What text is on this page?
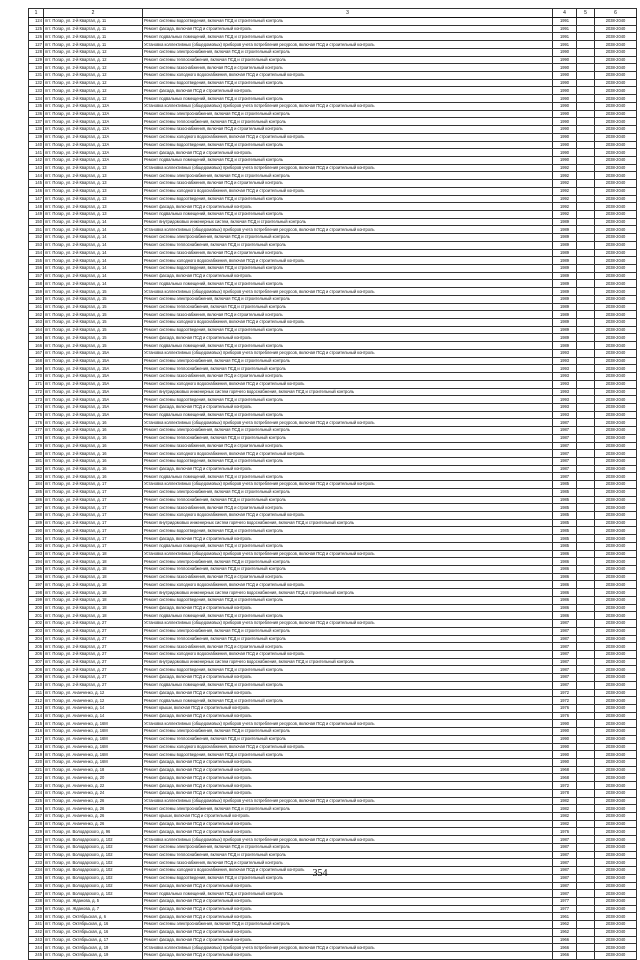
1	2	3	4	5	6
124	пгт. Погар, ул. 2-й Квартал, д. 11	Ремонт системы водоотведения, включая ПСД и строительный контроль	1991		2038-2040
125	пгт. Погар, ул. 2-й Квартал, д. 11	Ремонт фасада, включая ПСД и строительный контроль	1991		2038-2040
126	пгт. Погар, ул. 2-й Квартал, д. 11	Ремонт подвальных помещений, включая ПСД и строительный контроль	1991		2038-2040
127	пгт. Погар, ул. 2-й Квартал, д. 11	Установка коллективных (общедомовых) приборов учета потребления ресурсов, включая ПСД и строительный контроль	1991		2038-2040
128	пгт. Погар, ул. 2-й Квартал, д. 12	Ремонт системы электроснабжения, включая ПСД и строительный контроль	1990		2038-2040
129	пгт. Погар, ул. 2-й Квартал, д. 12	Ремонт системы теплоснабжения, включая ПСД и строительный контроль	1990		2038-2040
130	пгт. Погар, ул. 2-й Квартал, д. 12	Ремонт системы газоснабжения, включая ПСД и строительный контроль	1990		2038-2040
131	пгт. Погар, ул. 2-й Квартал, д. 12	Ремонт системы холодного водоснабжения, включая ПСД и строительный контроль	1990		2038-2040
132	пгт. Погар, ул. 2-й Квартал, д. 12	Ремонт системы водоотведения, включая ПСД и строительный контроль	1990		2038-2040
133	пгт. Погар, ул. 2-й Квартал, д. 12	Ремонт фасада, включая ПСД и строительный контроль	1990		2038-2040
134	пгт. Погар, ул. 2-й Квартал, д. 12	Ремонт подвальных помещений, включая ПСД и строительный контроль	1990		2038-2040
135	пгт. Погар, ул. 2-й Квартал, д. 12А	Установка коллективных (общедомовых) приборов учета потребления ресурсов, включая ПСД и строительный контроль	1990		2038-2040
136	пгт. Погар, ул. 2-й Квартал, д. 12А	Ремонт системы электроснабжения, включая ПСД и строительный контроль	1990		2038-2040
137	пгт. Погар, ул. 2-й Квартал, д. 12А	Ремонт системы теплоснабжения, включая ПСД и строительный контроль	1990		2038-2040
138	пгт. Погар, ул. 2-й Квартал, д. 12А	Ремонт системы газоснабжения, включая ПСД и строительный контроль	1990		2038-2040
139	пгт. Погар, ул. 2-й Квартал, д. 12А	Ремонт системы холодного водоснабжения, включая ПСД и строительный контроль	1990		2038-2040
140	пгт. Погар, ул. 2-й Квартал, д. 12А	Ремонт системы водоотведения, включая ПСД и строительный контроль	1990		2038-2040
141	пгт. Погар, ул. 2-й Квартал, д. 12А	Ремонт фасада, включая ПСД и строительный контроль	1990		2038-2040
142	пгт. Погар, ул. 2-й Квартал, д. 12А	Ремонт подвальных помещений, включая ПСД и строительный контроль	1990		2038-2040
143	пгт. Погар, ул. 2-й Квартал, д. 13	Установка коллективных (общедомовых) приборов учета потребления ресурсов, включая ПСД и строительный контроль	1992		2038-2040
144	пгт. Погар, ул. 2-й Квартал, д. 13	Ремонт системы электроснабжения, включая ПСД и строительный контроль	1992		2038-2040
145	пгт. Погар, ул. 2-й Квартал, д. 13	Ремонт системы газоснабжения, включая ПСД и строительный контроль	1992		2038-2040
146	пгт. Погар, ул. 2-й Квартал, д. 13	Ремонт системы холодного водоснабжения, включая ПСД и строительный контроль	1992		2038-2040
147	пгт. Погар, ул. 2-й Квартал, д. 13	Ремонт системы водоотведения, включая ПСД и строительный контроль	1992		2038-2040
148	пгт. Погар, ул. 2-й Квартал, д. 13	Ремонт фасада, включая ПСД и строительный контроль	1992		2038-2040
149	пгт. Погар, ул. 2-й Квартал, д. 13	Ремонт подвальных помещений, включая ПСД и строительный контроль	1992		2038-2040
150	пгт. Погар, ул. 2-й Квартал, д. 14	Ремонт внутридомовых инженерных систем, включая ПСД и строительный контроль	1989		2038-2040
151	пгт. Погар, ул. 2-й Квартал, д. 14	Установка коллективных (общедомовых) приборов учета потребления ресурсов, включая ПСД и строительный контроль	1989		2038-2040
152	пгт. Погар, ул. 2-й Квартал, д. 14	Ремонт системы электроснабжения, включая ПСД и строительный контроль	1989		2038-2040
153	пгт. Погар, ул. 2-й Квартал, д. 14	Ремонт системы теплоснабжения, включая ПСД и строительный контроль	1989		2038-2040
154	пгт. Погар, ул. 2-й Квартал, д. 14	Ремонт системы газоснабжения, включая ПСД и строительный контроль	1989		2038-2040
155	пгт. Погар, ул. 2-й Квартал, д. 14	Ремонт системы холодного водоснабжения, включая ПСД и строительный контроль	1989		2038-2040
156	пгт. Погар, ул. 2-й Квартал, д. 14	Ремонт системы водоотведения, включая ПСД и строительный контроль	1989		2038-2040
157	пгт. Погар, ул. 2-й Квартал, д. 14	Ремонт фасада, включая ПСД и строительный контроль	1989		2038-2040
158	пгт. Погар, ул. 2-й Квартал, д. 14	Ремонт подвальных помещений, включая ПСД и строительный контроль	1989		2038-2040
159	пгт. Погар, ул. 2-й Квартал, д. 15	Установка коллективных (общедомовых) приборов учета потребления ресурсов, включая ПСД и строительный контроль	1989		2038-2040
160	пгт. Погар, ул. 2-й Квартал, д. 15	Ремонт системы электроснабжения, включая ПСД и строительный контроль	1989		2038-2040
161	пгт. Погар, ул. 2-й Квартал, д. 15	Ремонт системы теплоснабжения, включая ПСД и строительный контроль	1989		2038-2040
162	пгт. Погар, ул. 2-й Квартал, д. 15	Ремонт системы газоснабжения, включая ПСД и строительный контроль	1989		2038-2040
163	пгт. Погар, ул. 2-й Квартал, д. 15	Ремонт системы холодного водоснабжения, включая ПСД и строительный контроль	1989		2038-2040
164	пгт. Погар, ул. 2-й Квартал, д. 15	Ремонт системы водоотведения, включая ПСД и строительный контроль	1989		2038-2040
165	пгт. Погар, ул. 2-й Квартал, д. 15	Ремонт фасада, включая ПСД и строительный контроль	1989		2038-2040
166	пгт. Погар, ул. 2-й Квартал, д. 15	Ремонт подвальных помещений, включая ПСД и строительный контроль	1989		2038-2040
167	пгт. Погар, ул. 2-й Квартал, д. 15А	Установка коллективных (общедомовых) приборов учета потребления ресурсов, включая ПСД и строительный контроль	1993		2038-2040
168	пгт. Погар, ул. 2-й Квартал, д. 15А	Ремонт системы электроснабжения, включая ПСД и строительный контроль	1993		2038-2040
169	пгт. Погар, ул. 2-й Квартал, д. 15А	Ремонт системы теплоснабжения, включая ПСД и строительный контроль	1993		2038-2040
170	пгт. Погар, ул. 2-й Квартал, д. 15А	Ремонт системы газоснабжения, включая ПСД и строительный контроль	1993		2038-2040
171	пгт. Погар, ул. 2-й Квартал, д. 15А	Ремонт системы холодного водоснабжения, включая ПСД и строительный контроль	1993		2038-2040
172	пгт. Погар, ул. 2-й Квартал, д. 15А	Ремонт внутридомовых инженерных систем горячего водоснабжения, включая ПСД и строительный контроль	1993		2038-2040
173	пгт. Погар, ул. 2-й Квартал, д. 15А	Ремонт системы водоотведения, включая ПСД и строительный контроль	1993		2038-2040
174	пгт. Погар, ул. 2-й Квартал, д. 15А	Ремонт фасада, включая ПСД и строительный контроль	1993		2038-2040
175	пгт. Погар, ул. 2-й Квартал, д. 15А	Ремонт подвальных помещений, включая ПСД и строительный контроль	1993		2038-2040
176	пгт. Погар, ул. 2-й Квартал, д. 16	Установка коллективных (общедомовых) приборов учета потребления ресурсов, включая ПСД и строительный контроль	1987		2038-2040
177	пгт. Погар, ул. 2-й Квартал, д. 16	Ремонт системы электроснабжения, включая ПСД и строительный контроль	1987		2038-2040
178	пгт. Погар, ул. 2-й Квартал, д. 16	Ремонт системы теплоснабжения, включая ПСД и строительный контроль	1987		2038-2040
179	пгт. Погар, ул. 2-й Квартал, д. 16	Ремонт системы газоснабжения, включая ПСД и строительный контроль	1987		2038-2040
180	пгт. Погар, ул. 2-й Квартал, д. 16	Ремонт системы холодного водоснабжения, включая ПСД и строительный контроль	1987		2038-2040
181	пгт. Погар, ул. 2-й Квартал, д. 16	Ремонт системы водоотведения, включая ПСД и строительный контроль	1987		2038-2040
182	пгт. Погар, ул. 2-й Квартал, д. 16	Ремонт фасада, включая ПСД и строительный контроль	1987		2038-2040
183	пгт. Погар, ул. 2-й Квартал, д. 16	Ремонт подвальных помещений, включая ПСД и строительный контроль	1987		2038-2040
184	пгт. Погар, ул. 2-й Квартал, д. 17	Установка коллективных (общедомовых) приборов учета потребления ресурсов, включая ПСД и строительный контроль	1985		2038-2040
185	пгт. Погар, ул. 2-й Квартал, д. 17	Ремонт системы электроснабжения, включая ПСД и строительный контроль	1985		2038-2040
186	пгт. Погар, ул. 2-й Квартал, д. 17	Ремонт системы теплоснабжения, включая ПСД и строительный контроль	1985		2038-2040
187	пгт. Погар, ул. 2-й Квартал, д. 17	Ремонт системы газоснабжения, включая ПСД и строительный контроль	1985		2038-2040
188	пгт. Погар, ул. 2-й Квартал, д. 17	Ремонт системы холодного водоснабжения, включая ПСД и строительный контроль	1985		2038-2040
189	пгт. Погар, ул. 2-й Квартал, д. 17	Ремонт внутридомовых инженерных систем горячего водоснабжения, включая ПСД и строительный контроль	1985		2038-2040
190	пгт. Погар, ул. 2-й Квартал, д. 17	Ремонт системы водоотведения, включая ПСД и строительный контроль	1985		2038-2040
191	пгт. Погар, ул. 2-й Квартал, д. 17	Ремонт фасада, включая ПСД и строительный контроль	1985		2038-2040
192	пгт. Погар, ул. 2-й Квартал, д. 17	Ремонт подвальных помещений, включая ПСД и строительный контроль	1985		2038-2040
193	пгт. Погар, ул. 2-й Квартал, д. 18	Установка коллективных (общедомовых) приборов учета потребления ресурсов, включая ПСД и строительный контроль	1986		2038-2040
194	пгт. Погар, ул. 2-й Квартал, д. 18	Ремонт системы электроснабжения, включая ПСД и строительный контроль	1986		2038-2040
195	пгт. Погар, ул. 2-й Квартал, д. 18	Ремонт системы теплоснабжения, включая ПСД и строительный контроль	1986		2038-2040
196	пгт. Погар, ул. 2-й Квартал, д. 18	Ремонт системы газоснабжения, включая ПСД и строительный контроль	1986		2038-2040
197	пгт. Погар, ул. 2-й Квартал, д. 18	Ремонт системы холодного водоснабжения, включая ПСД и строительный контроль	1986		2038-2040
198	пгт. Погар, ул. 2-й Квартал, д. 18	Ремонт внутридомовых инженерных систем горячего водоснабжения, включая ПСД и строительный контроль	1986		2038-2040
199	пгт. Погар, ул. 2-й Квартал, д. 18	Ремонт системы водоотведения, включая ПСД и строительный контроль	1986		2038-2040
200	пгт. Погар, ул. 2-й Квартал, д. 18	Ремонт фасада, включая ПСД и строительный контроль	1986		2038-2040
201	пгт. Погар, ул. 2-й Квартал, д. 18	Ремонт подвальных помещений, включая ПСД и строительный контроль	1986		2038-2040
202	пгт. Погар, ул. 2-й Квартал, д. 27	Установка коллективных (общедомовых) приборов учета потребления ресурсов, включая ПСД и строительный контроль	1987		2038-2040
203	пгт. Погар, ул. 2-й Квартал, д. 27	Ремонт системы электроснабжения, включая ПСД и строительный контроль	1987		2038-2040
204	пгт. Погар, ул. 2-й Квартал, д. 27	Ремонт системы теплоснабжения, включая ПСД и строительный контроль	1987		2038-2040
205	пгт. Погар, ул. 2-й Квартал, д. 27	Ремонт системы газоснабжения, включая ПСД и строительный контроль	1987		2038-2040
206	пгт. Погар, ул. 2-й Квартал, д. 27	Ремонт системы холодного водоснабжения, включая ПСД и строительный контроль	1987		2038-2040
207	пгт. Погар, ул. 2-й Квартал, д. 27	Ремонт внутридомовых инженерных систем горячего водоснабжения, включая ПСД и строительный контроль	1987		2038-2040
208	пгт. Погар, ул. 2-й Квартал, д. 27	Ремонт системы водоотведения, включая ПСД и строительный контроль	1987		2038-2040
209	пгт. Погар, ул. 2-й Квартал, д. 27	Ремонт фасада, включая ПСД и строительный контроль	1987		2038-2040
210	пгт. Погар, ул. 2-й Квартал, д. 27	Ремонт подвальных помещений, включая ПСД и строительный контроль	1987		2038-2040
211	пгт. Погар, ул. Ананченко, д. 12	Ремонт фасада, включая ПСД и строительный контроль	1972		2038-2040
212	пгт. Погар, ул. Ананченко, д. 12	Ремонт подвальных помещений, включая ПСД и строительный контроль	1972		2038-2040
213	пгт. Погар, ул. Ананченко, д. 14	Ремонт крыши, включая ПСД и строительный контроль	1976		2038-2040
214	пгт. Погар, ул. Ананченко, д. 14	Ремонт фасада, включая ПСД и строительный контроль	1976		2038-2040
215	пгт. Погар, ул. Ананченко, д. 16М	Установка коллективных (общедомовых) приборов учета потребления ресурсов, включая ПСД и строительный контроль	1990		2038-2040
216	пгт. Погар, ул. Ананченко, д. 16М	Ремонт системы электроснабжения, включая ПСД и строительный контроль	1990		2038-2040
217	пгт. Погар, ул. Ананченко, д. 16М	Ремонт системы теплоснабжения, включая ПСД и строительный контроль	1990		2038-2040
218	пгт. Погар, ул. Ананченко, д. 16М	Ремонт системы холодного водоснабжения, включая ПСД и строительный контроль	1990		2038-2040
219	пгт. Погар, ул. Ананченко, д. 16М	Ремонт системы водоотведения, включая ПСД и строительный контроль	1990		2038-2040
220	пгт. Погар, ул. Ананченко, д. 16М	Ремонт фасада, включая ПСД и строительный контроль	1990		2038-2040
221	пгт. Погар, ул. Ананченко, д. 18	Ремонт фасада, включая ПСД и строительный контроль	1968		2038-2040
222	пгт. Погар, ул. Ананченко, д. 20	Ремонт фасада, включая ПСД и строительный контроль	1968		2038-2040
223	пгт. Погар, ул. Ананченко, д. 22	Ремонт фасада, включая ПСД и строительный контроль	1972		2038-2040
224	пгт. Погар, ул. Ананченко, д. 24	Ремонт фасада, включая ПСД и строительный контроль	1978		2038-2040
225	пгт. Погар, ул. Ананченко, д. 26	Установка коллективных (общедомовых) приборов учета потребления ресурсов, включая ПСД и строительный контроль	1982		2038-2040
226	пгт. Погар, ул. Ананченко, д. 26	Ремонт системы электроснабжения, включая ПСД и строительный контроль	1982		2038-2040
227	пгт. Погар, ул. Ананченко, д. 26	Ремонт крыши, включая ПСД и строительный контроль	1982		2038-2040
228	пгт. Погар, ул. Ананченко, д. 26	Ремонт фасада, включая ПСД и строительный контроль	1982		2038-2040
229	пгт. Погар, ул. Володарского, д. 96	Ремонт фасада, включая ПСД и строительный контроль	1976		2038-2040
230	пгт. Погар, ул. Володарского, д. 102	Установка коллективных (общедомовых) приборов учета потребления ресурсов, включая ПСД и строительный контроль	1987		2038-2040
231	пгт. Погар, ул. Володарского, д. 102	Ремонт системы электроснабжения, включая ПСД и строительный контроль	1987		2038-2040
232	пгт. Погар, ул. Володарского, д. 102	Ремонт системы теплоснабжения, включая ПСД и строительный контроль	1987		2038-2040
233	пгт. Погар, ул. Володарского, д. 102	Ремонт системы газоснабжения, включая ПСД и строительный контроль	1987		2038-2040
234	пгт. Погар, ул. Володарского, д. 102	Ремонт системы холодного водоснабжения, включая ПСД и строительный контроль	1987		2038-2040
235	пгт. Погар, ул. Володарского, д. 102	Ремонт системы водоотведения, включая ПСД и строительный контроль	1987		2038-2040
236	пгт. Погар, ул. Володарского, д. 102	Ремонт фасада, включая ПСД и строительный контроль	1987		2038-2040
237	пгт. Погар, ул. Володарского, д. 102	Ремонт подвальных помещений, включая ПСД и строительный контроль	1987		2038-2040
238	пгт. Погар, ул. Жданова, д. 5	Ремонт фасада, включая ПСД и строительный контроль	1977		2038-2040
239	пгт. Погар, ул. Жданова, д. 7	Ремонт фасада, включая ПСД и строительный контроль	1977		2038-2040
240	пгт. Погар, ул. Октябрьская, д. 6	Ремонт фасада, включая ПСД и строительный контроль	1961		2038-2040
241	пгт. Погар, ул. Октябрьская, д. 16	Ремонт системы электроснабжения, включая ПСД и строительный контроль	1962		2038-2040
242	пгт. Погар, ул. Октябрьская, д. 16	Ремонт фасада, включая ПСД и строительный контроль	1962		2038-2040
243	пгт. Погар, ул. Октябрьская, д. 17	Ремонт фасада, включая ПСД и строительный контроль	1966		2038-2040
244	пгт. Погар, ул. Октябрьская, д. 19	Установка коллективных (общедомовых) приборов учета потребления ресурсов, включая ПСД и строительный контроль	1966		2038-2040
245	пгт. Погар, ул. Октябрьская, д. 19	Ремонт фасада, включая ПСД и строительный контроль	1966		2038-2040
354
